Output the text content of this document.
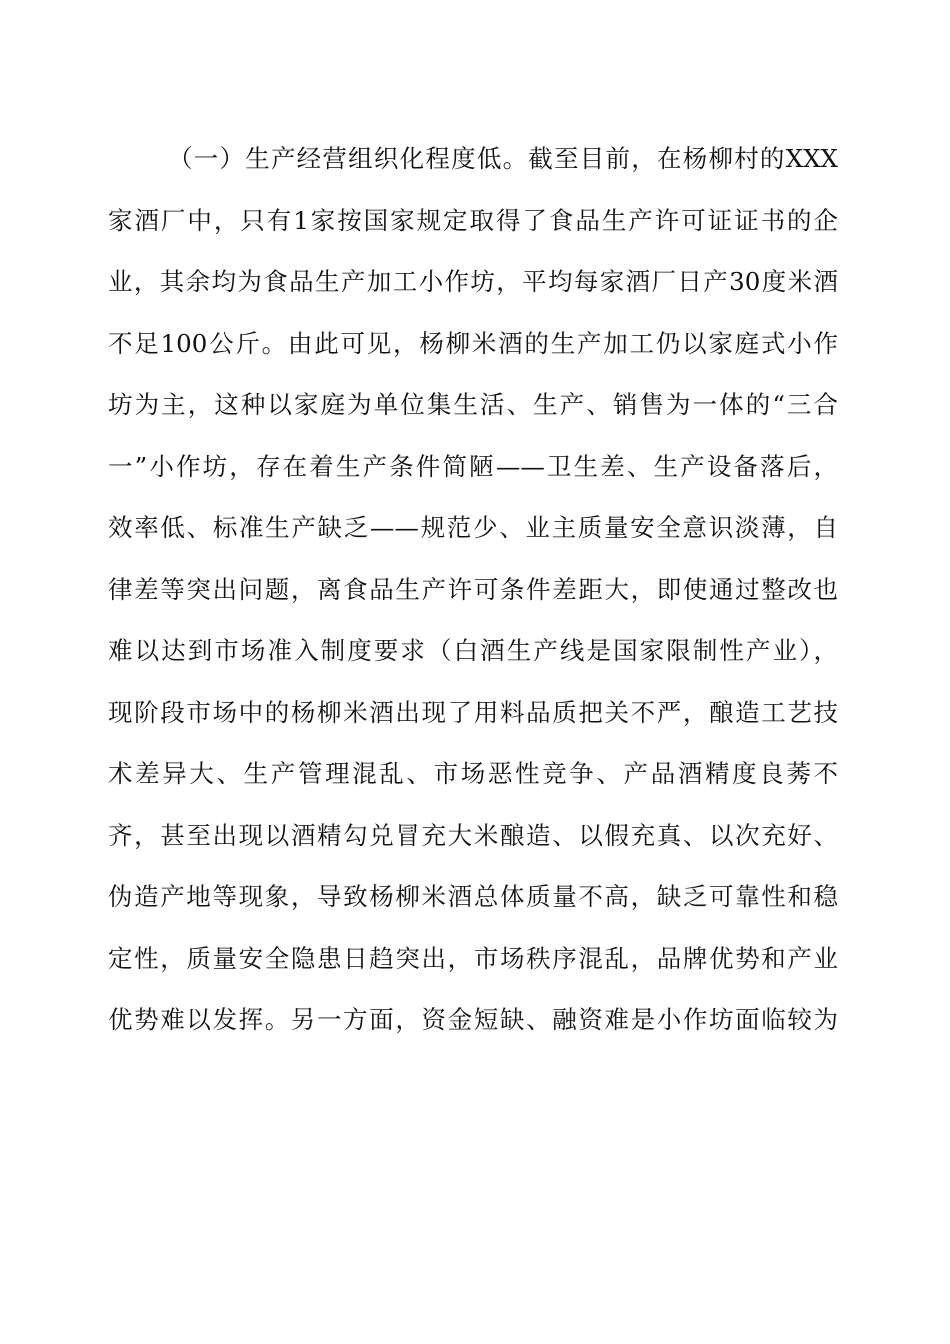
（一）生产经营组织化程度低。截至目前，在杨柳村的XXX
家酒厂中，只有1家按国家规定取得了食品生产许可证证书的企
业，其余均为食品生产加工小作坊，平均每家酒厂日产30度米酒
不足100公斤。由此可见，杨柳米酒的生产加工仍以家庭式小作
坊为主，这种以家庭为单位集生活、生产、销售为一体的“三合
一”小作坊，存在着生产条件简陋——卫生差、生产设备落后，
效率低、标准生产缺乏——规范少、业主质量安全意识淡薄，自
律差等突出问题，离食品生产许可条件差距大，即使通过整改也
难以达到市场准入制度要求（白酒生产线是国家限制性产业），
现阶段市场中的杨柳米酒出现了用料品质把关不严，酿造工艺技
术差异大、生产管理混乱、市场恶性竞争、产品酒精度良莠不
齐，甚至出现以酒精勾兑冒充大米酿造、以假充真、以次充好、
伪造产地等现象，导致杨柳米酒总体质量不高，缺乏可靠性和稳
定性，质量安全隐患日趋突出，市场秩序混乱，品牌优势和产业
优势难以发挥。另一方面，资金短缺、融资难是小作坊面临较为
